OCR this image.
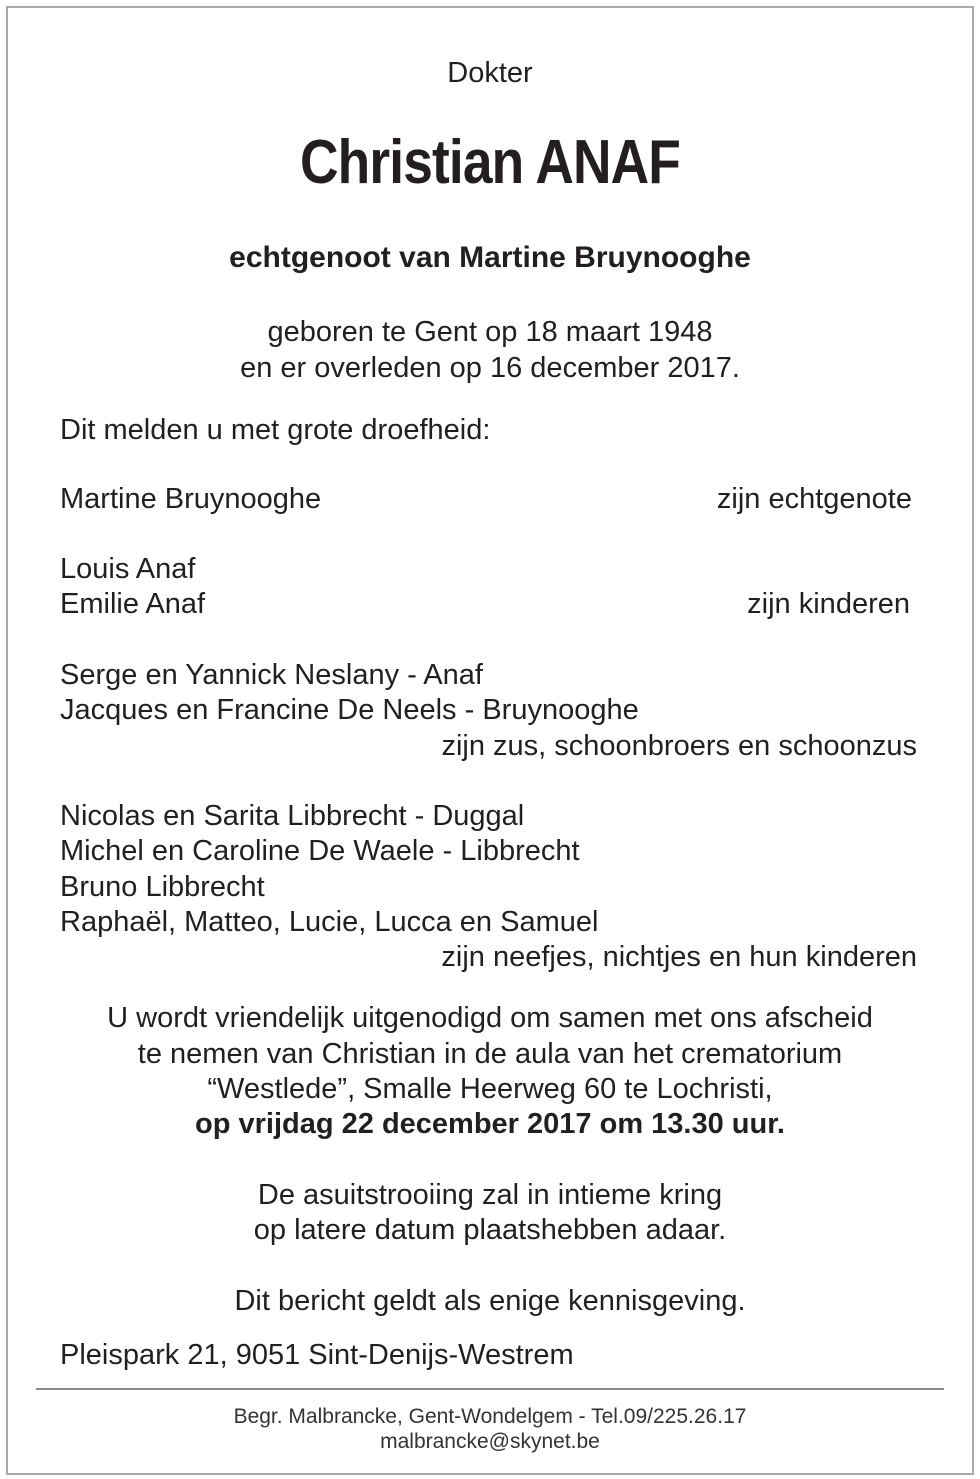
Dokter
Christian ANAF
echtgenoot van Martine Bruynooghe
geboren te Gent op 18 maart 1948
en er overleden op 16 december 2017.
Dit melden u met grote droefheid:
Martine Bruynooghe	zijn echtgenote
Louis Anaf
Emilie Anaf	zijn kinderen
Serge en Yannick Neslany - Anaf
Jacques en Francine De Neels - Bruynooghe
zijn zus, schoonbroers en schoonzus
Nicolas en Sarita Libbrecht - Duggal
Michel en Caroline De Waele - Libbrecht
Bruno Libbrecht
Raphaël, Matteo, Lucie, Lucca en Samuel
zijn neefjes, nichtjes en hun kinderen
U wordt vriendelijk uitgenodigd om samen met ons afscheid
te nemen van Christian in de aula van het crematorium
“Westlede”, Smalle Heerweg 60 te Lochristi,
op vrijdag 22 december 2017 om 13.30 uur.
De asuitstrooiing zal in intieme kring
op latere datum plaatshebben adaar.
Dit bericht geldt als enige kennisgeving.
Pleispark 21, 9051 Sint-Denijs-Westrem
Begr. Malbrancke, Gent-Wondelgem - Tel.09/225.26.17
malbrancke@skynet.be
